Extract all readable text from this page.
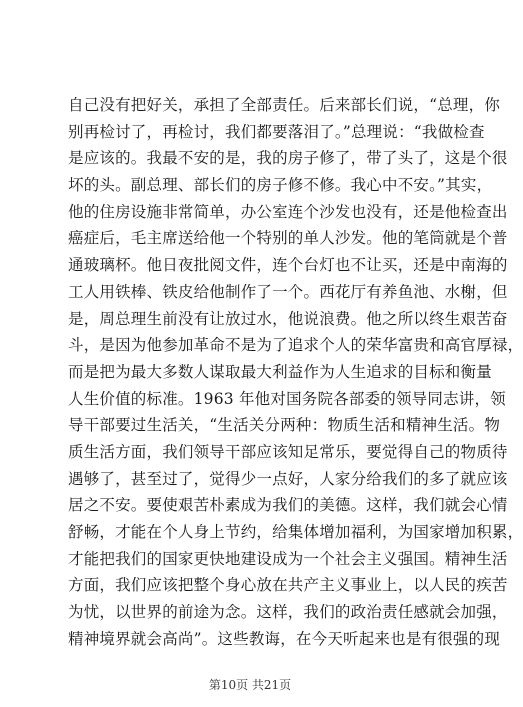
自己没有把好关，承担了全部责任。后来部长们说，“总理，你
别再检讨了，再检讨，我们都要落泪了。”总理说：“我做检查
是应该的。我最不安的是，我的房子修了，带了头了，这是个很
坏的头。副总理、部长们的房子修不修。我心中不安。”其实，
他的住房设施非常简单，办公室连个沙发也没有，还是他检查出
癌症后，毛主席送给他一个特别的单人沙发。他的笔筒就是个普
通玻璃杯。他日夜批阅文件，连个台灯也不让买，还是中南海的
工人用铁棒、铁皮给他制作了一个。西花厅有养鱼池、水榭，但
是，周总理生前没有让放过水，他说浪费。他之所以终生艰苦奋
斗，是因为他参加革命不是为了追求个人的荣华富贵和高官厚禄，
而是把为最大多数人谋取最大利益作为人生追求的目标和衡量
人生价值的标准。1963 年他对国务院各部委的领导同志讲，领
导干部要过生活关，“生活关分两种：物质生活和精神生活。物
质生活方面，我们领导干部应该知足常乐，要觉得自己的物质待
遇够了，甚至过了，觉得少一点好，人家分给我们的多了就应该
居之不安。要使艰苦朴素成为我们的美德。这样，我们就会心情
舒畅，才能在个人身上节约，给集体增加福利，为国家增加积累，
才能把我们的国家更快地建设成为一个社会主义强国。精神生活
方面，我们应该把整个身心放在共产主义事业上，以人民的疾苦
为忧，以世界的前途为念。这样，我们的政治责任感就会加强，
精神境界就会高尚”。这些教诲，在今天听起来也是有很强的现
第10页 共21页
